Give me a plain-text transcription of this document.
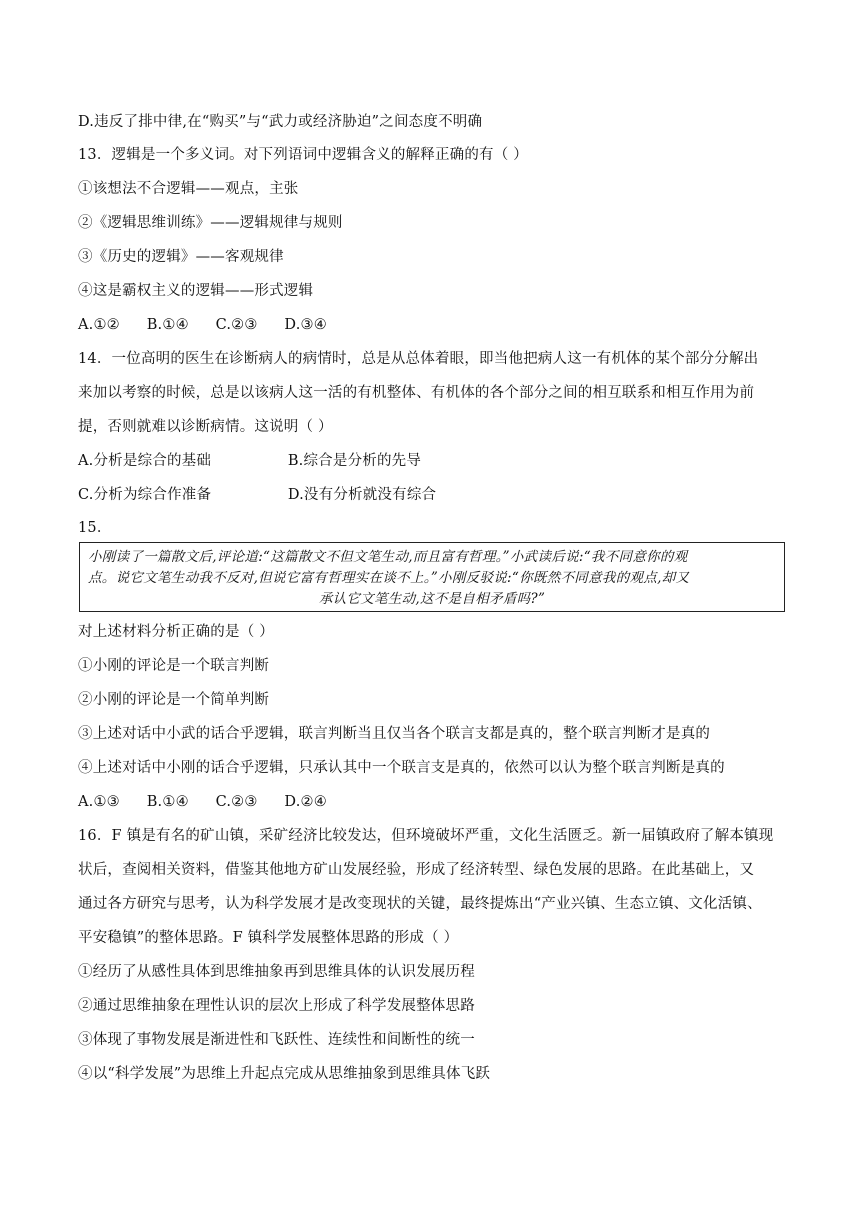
D.违反了排中律,在“购买”与“武力或经济胁迫”之间态度不明确
13．逻辑是一个多义词。对下列语词中逻辑含义的解释正确的有（ ）
①该想法不合逻辑——观点，主张
②《逻辑思维训练》——逻辑规律与规则
③《历史的逻辑》——客观规律
④这是霸权主义的逻辑——形式逻辑
A.①② B.①④ C.②③ D.③④
14．一位高明的医生在诊断病人的病情时，总是从总体着眼，即当他把病人这一有机体的某个部分分解出
来加以考察的时候，总是以该病人这一活的有机整体、有机体的各个部分之间的相互联系和相互作用为前
提，否则就难以诊断病情。这说明（ ）
A.分析是综合的基础	B.综合是分析的先导
C.分析为综合作准备	D.没有分析就没有综合
15．
小刚读了一篇散文后,评论道:“这篇散文不但文笔生动,而且富有哲理。”小武读后说:“我不同意你的观
点。说它文笔生动我不反对,但说它富有哲理实在谈不上。”小刚反驳说:“你既然不同意我的观点,却又
承认它文笔生动,这不是自相矛盾吗?”
对上述材料分析正确的是（ ）
①小刚的评论是一个联言判断
②小刚的评论是一个简单判断
③上述对话中小武的话合乎逻辑，联言判断当且仅当各个联言支都是真的，整个联言判断才是真的
④上述对话中小刚的话合乎逻辑，只承认其中一个联言支是真的，依然可以认为整个联言判断是真的
A.①③ B.①④ C.②③ D.②④
16．F 镇是有名的矿山镇，采矿经济比较发达，但环境破坏严重，文化生活匮乏。新一届镇政府了解本镇现
状后，查阅相关资料，借鉴其他地方矿山发展经验，形成了经济转型、绿色发展的思路。在此基础上，又
通过各方研究与思考，认为科学发展才是改变现状的关键，最终提炼出“产业兴镇、生态立镇、文化活镇、
平安稳镇”的整体思路。F 镇科学发展整体思路的形成（ ）
①经历了从感性具体到思维抽象再到思维具体的认识发展历程
②通过思维抽象在理性认识的层次上形成了科学发展整体思路
③体现了事物发展是渐进性和飞跃性、连续性和间断性的统一
④以“科学发展”为思维上升起点完成从思维抽象到思维具体飞跃
